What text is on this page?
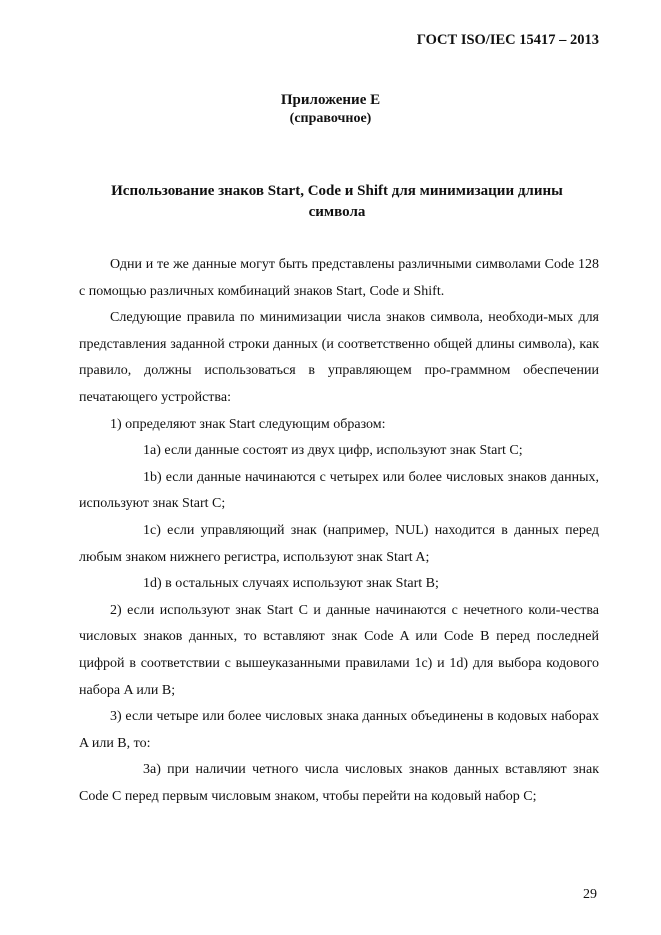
ГОСТ ISO/IEC 15417 – 2013
Приложение Е
(справочное)
Использование знаков Start, Code и Shift для минимизации длины символа

Одни и те же данные могут быть представлены различными символами Code 128 с помощью различных комбинаций знаков Start, Code и Shift.

Следующие правила по минимизации числа знаков символа, необходи-мых для представления заданной строки данных (и соответственно общей длины символа), как правило, должны использоваться в управляющем про-граммном обеспечении печатающего устройства:

1) определяют знак Start следующим образом:

1a) если данные состоят из двух цифр, используют знак Start C;

1b) если данные начинаются с четырех или более числовых знаков данных, используют знак Start C;

1c) если управляющий знак (например, NUL) находится в данных перед любым знаком нижнего регистра, используют знак Start A;

1d) в остальных случаях используют знак Start B;

2) если используют знак Start C и данные начинаются с нечетного коли-чества числовых знаков данных, то вставляют знак Code A или Code B перед последней цифрой в соответствии с вышеуказанными правилами 1c) и 1d) для выбора кодового набора A или B;

3) если четыре или более числовых знака данных объединены в кодовых наборах A или B, то:

3a) при наличии четного числа числовых знаков данных вставляют знак Code C перед первым числовым знаком, чтобы перейти на кодовый набор C;

29
